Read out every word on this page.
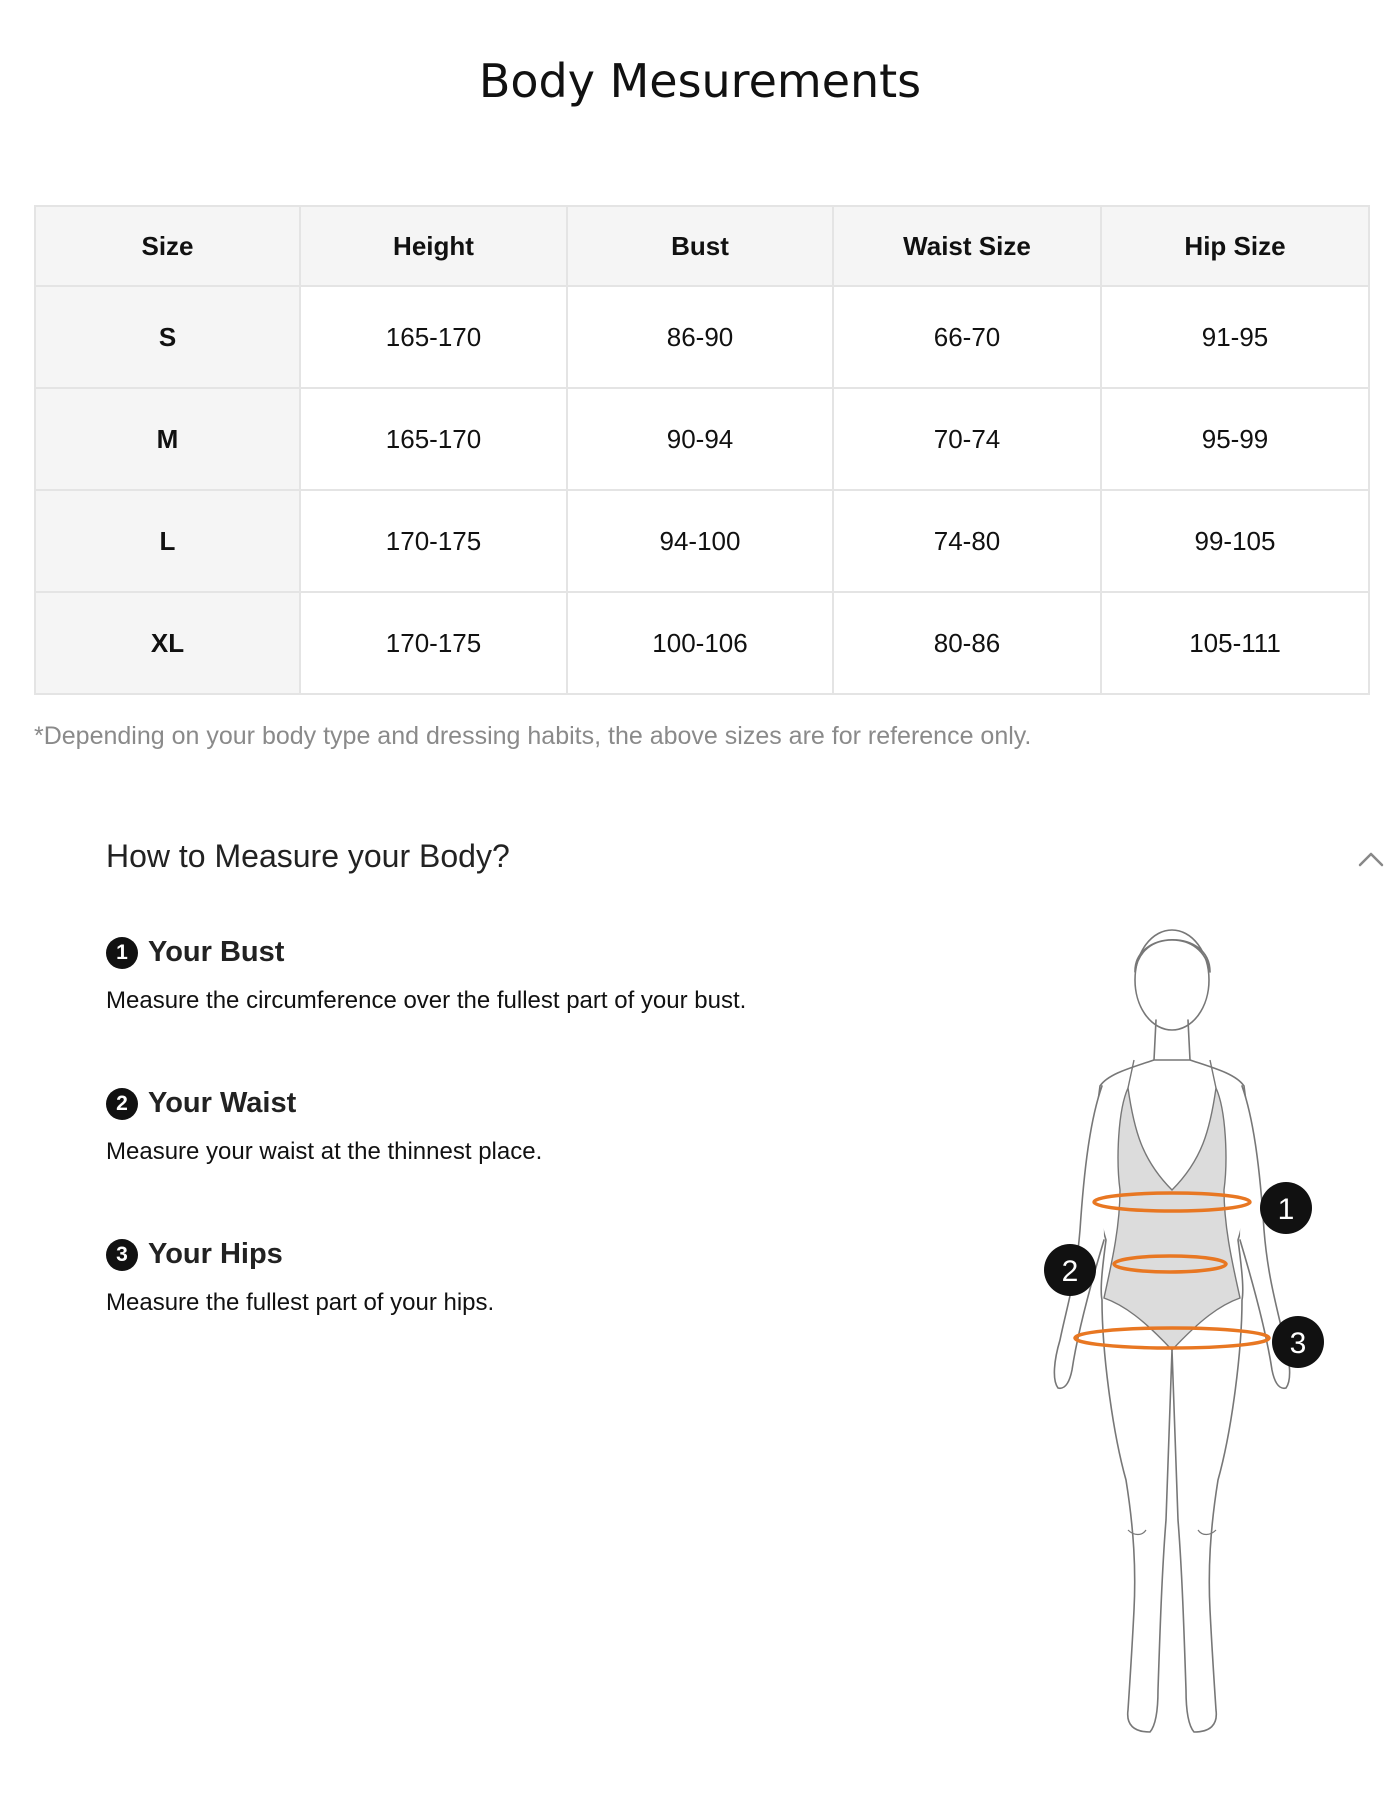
Body Mesurements
Size	Height	Bust	Waist Size	Hip Size
S	165-170	86-90	66-70	91-95
M	165-170	90-94	70-74	95-99
L	170-175	94-100	74-80	99-105
XL	170-175	100-106	80-86	105-111

*Depending on your body type and dressing habits, the above sizes are for reference only.

How to Measure your Body?

1 Your Bust

Measure the circumference over the fullest part of your bust.

2 Your Waist

Measure your waist at the thinnest place.

3 Your Hips

Measure the fullest part of your hips.

1
2
3
